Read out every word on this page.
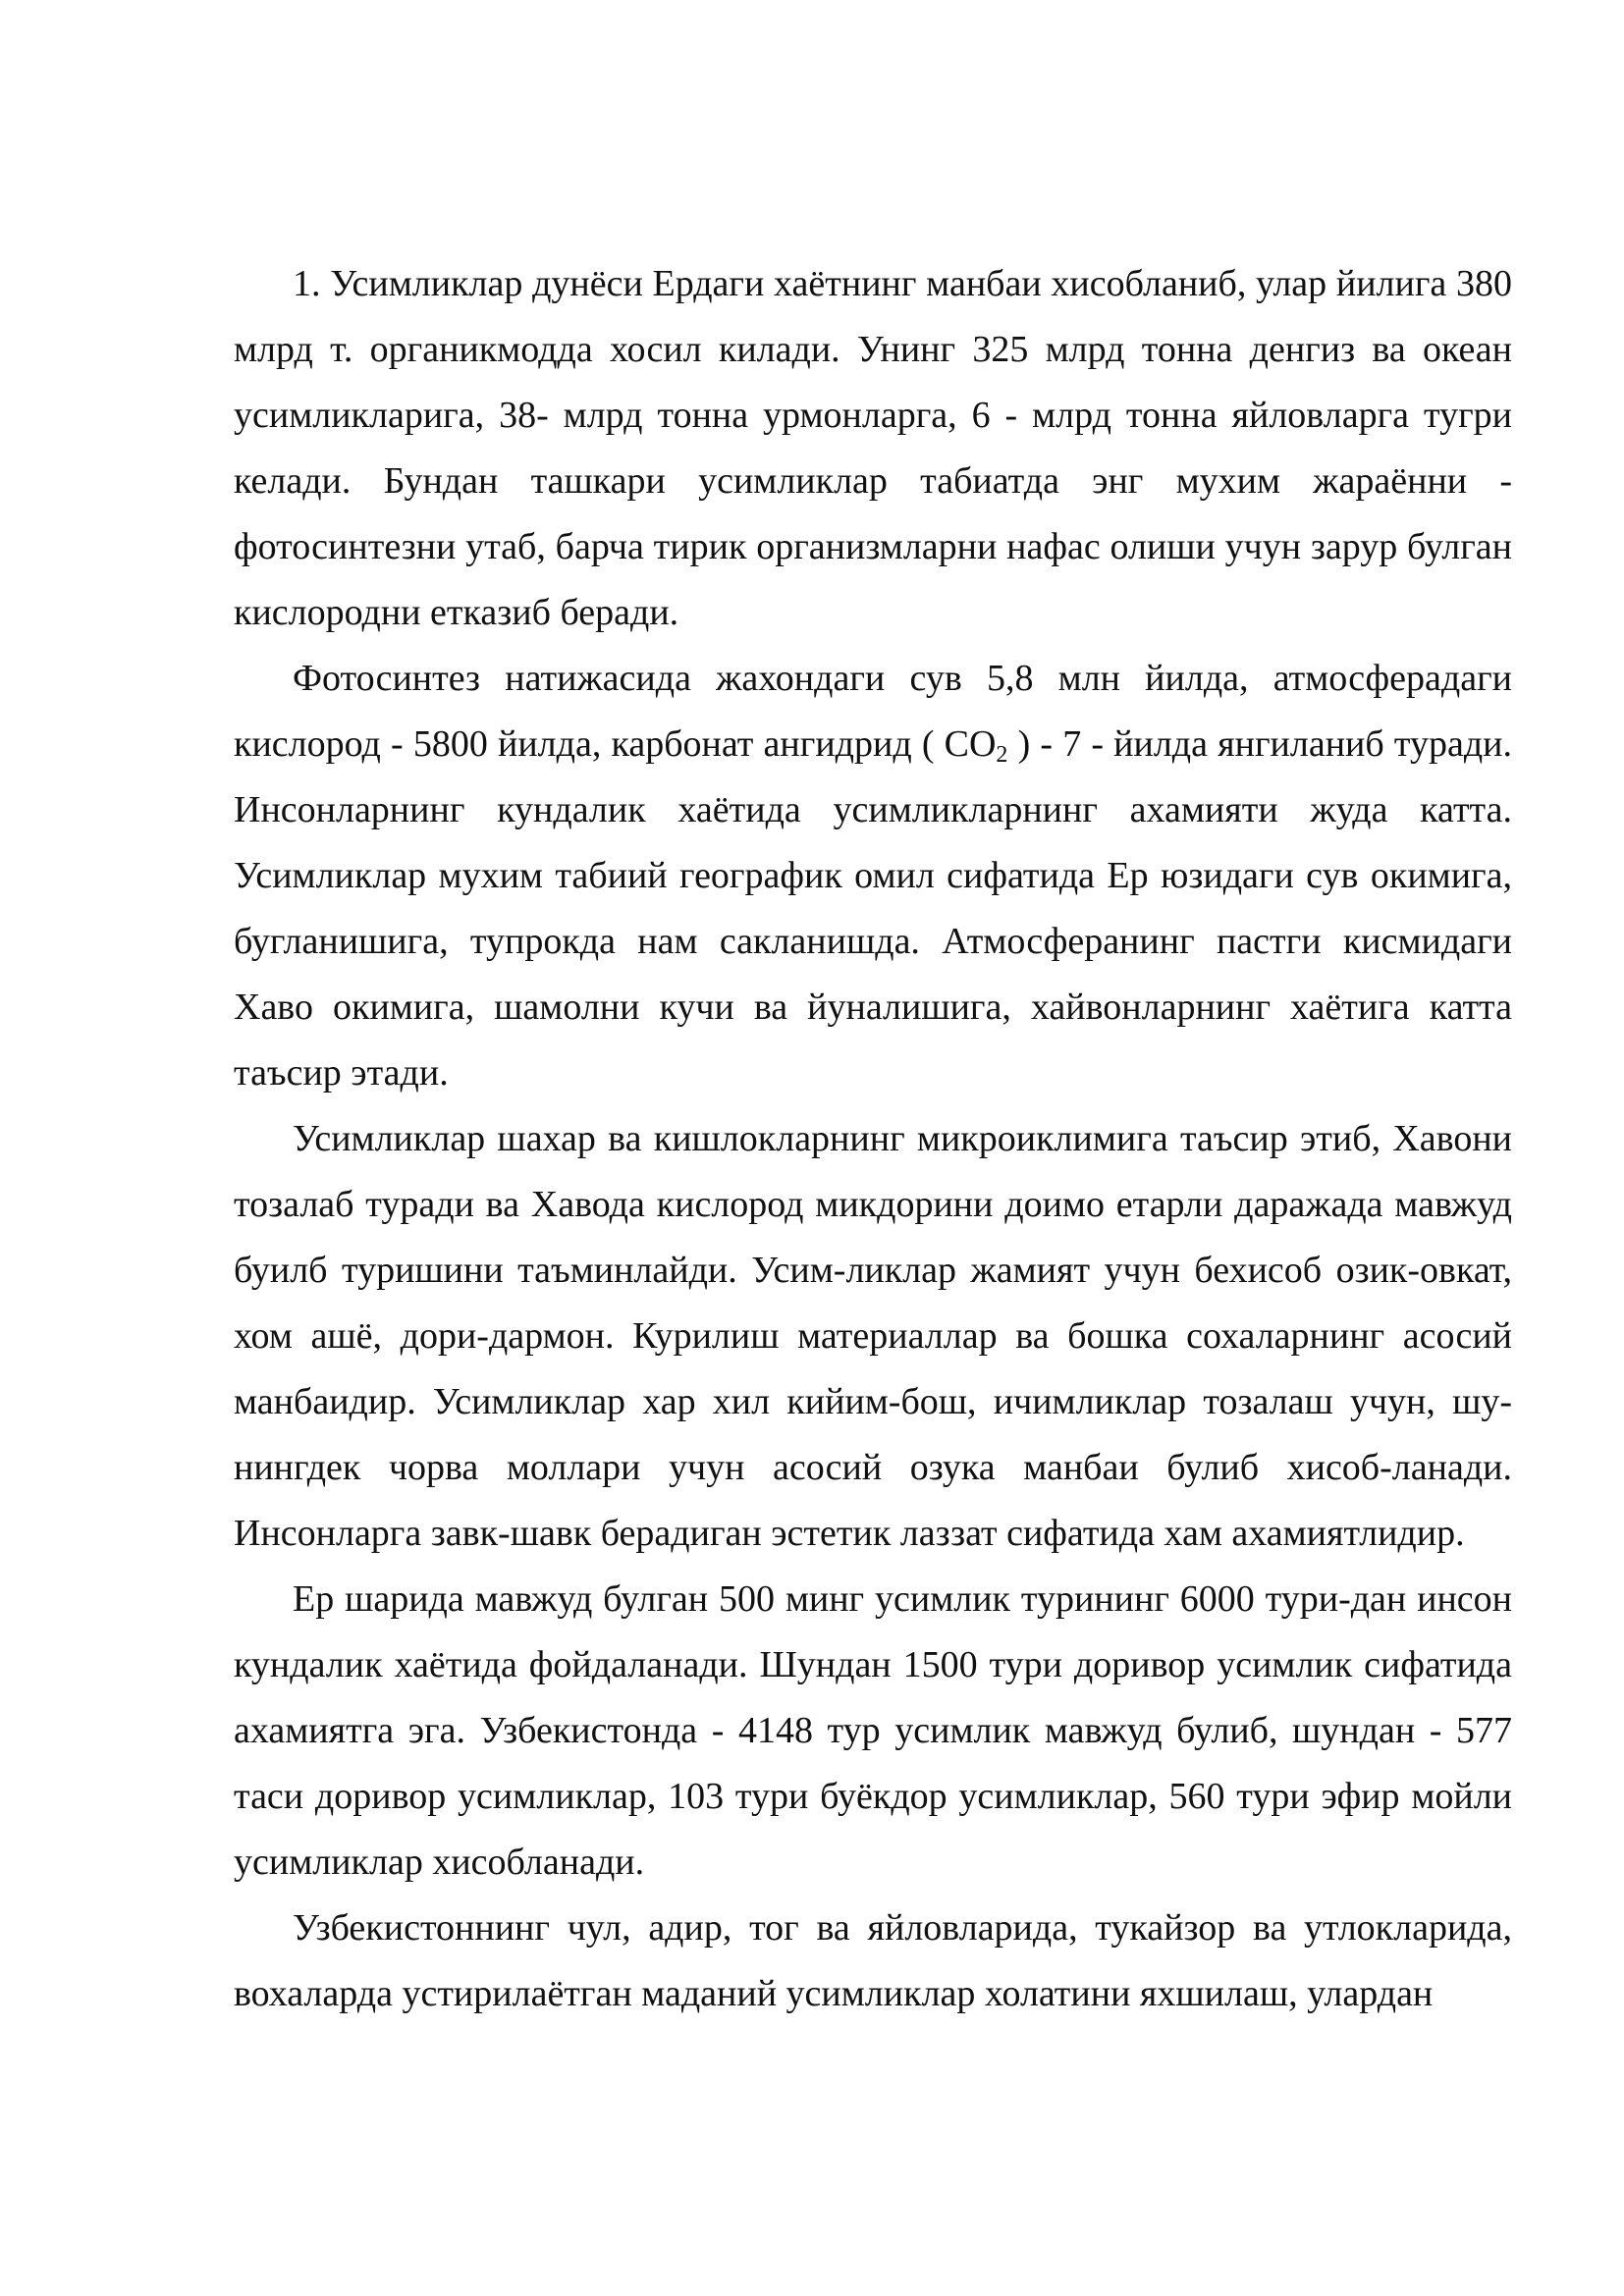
1. Усимликлар дунёси Ердаги хаётнинг манбаи хисобланиб, улар йилига 380 млрд т. органикмодда хосил килади. Унинг 325 млрд тонна денгиз ва океан усимликларига, 38- млрд тонна урмонларга, 6 - млрд тонна яйловларга тугри келади. Бундан ташкари усимликлар табиатда энг мухим жараённи - фотосинтезни утаб, барча тирик организмларни нафас олиши учун зарур булган кислородни етказиб беради.

Фотосинтез натижасида жахондаги сув 5,8 млн йилда, атмосферадаги кислород - 5800 йилда, карбонат ангидрид ( $CO_2$ ) - 7 - йилда янгиланиб туради. Инсонларнинг кундалик хаётида усимликларнинг ахамияти жуда катта. Усимликлар мухим табиий географик омил сифатида Ер юзидаги сув окимига, бугланишига, тупрокда нам сакланишда. Атмосферанинг пастги кисмидаги Хаво окимига, шамолни кучи ва йуналишига, хайвонларнинг хаётига катта таъсир этади.

Усимликлар шахар ва кишлокларнинг микроиклимига таъсир этиб, Хавони тозалаб туради ва Хавода кислород микдорини доимо етарли даражада мавжуд буилб туришини таъминлайди. Усим-ликлар жамият учун бехисоб озик-овкат, хом ашё, дори-дармон. Курилиш материаллар ва бошка сохаларнинг асосий манбаидир. Усимликлар хар хил кийим-бош, ичимликлар тозалаш учун, шу-нингдек чорва моллари учун асосий озука манбаи булиб хисоб-ланади. Инсонларга завк-шавк берадиган эстетик лаззат сифатида хам ахамиятлидир.

Ер шарида мавжуд булган 500 минг усимлик турининг 6000 тури-дан инсон кундалик хаётида фойдаланади. Шундан 1500 тури доривор усимлик сифатида ахамиятга эга. Узбекистонда - 4148 тур усимлик мавжуд булиб, шундан - 577 таси доривор усимликлар, 103 тури буёкдор усимликлар, 560 тури эфир мойли усимликлар хисобланади.

Узбекистоннинг чул, адир, тог ва яйловларида, тукайзор ва утлокларида, вохаларда устирилаётган маданий усимликлар холатини яхшилаш, улардан
